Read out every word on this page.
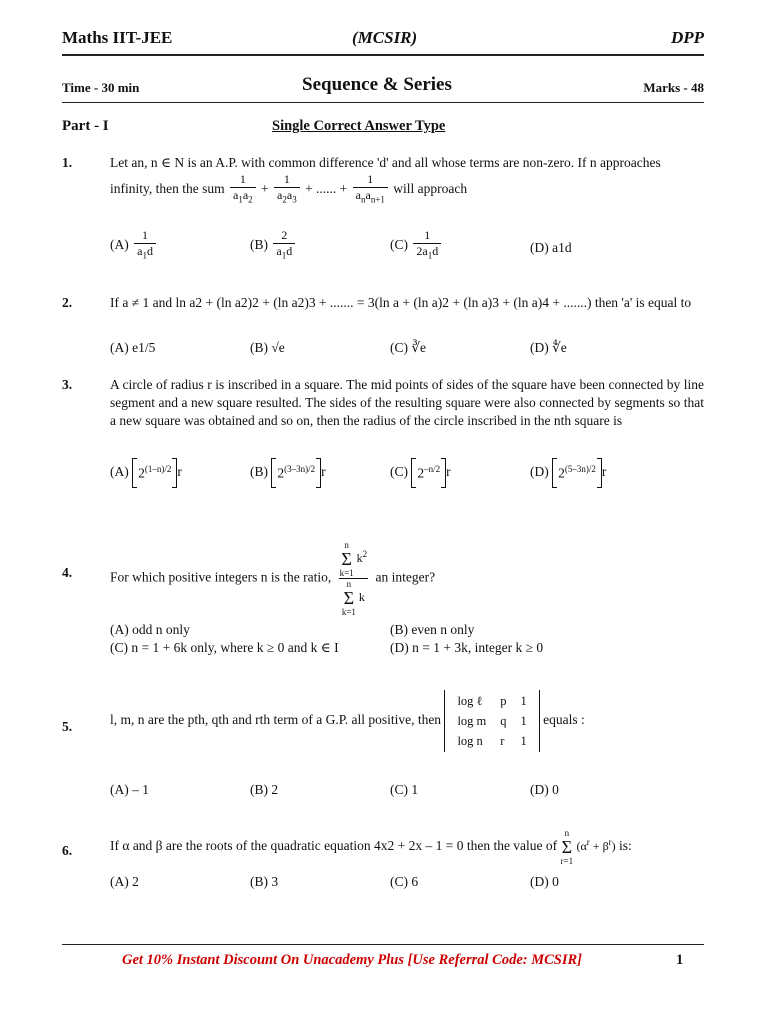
Maths IIT-JEE	(MCSIR)	DPP
Time - 30 min	Sequence & Series	Marks - 48
Part - I	Single Correct Answer Type
1.	Let an, n ∈ N is an A.P. with common difference 'd' and all whose terms are non-zero. If n approaches infinity, then the sum $\frac{1}{a_1a_2} + \frac{1}{a_2a_3}$ + ...... + $\frac{1}{a_na_{n+1}}$ will approach
$(A) \frac{1}{a_1d}$	$(B) \frac{2}{a_1d}$	$(C) \frac{1}{2a_1d}$	(D) a1d
2.	If a ≠ 1 and ln a2 + (ln a2)2 + (ln a2)3 + ....... = 3(ln a + (ln a)2 + (ln a)3 + (ln a)4 + .......) then 'a' is equal to
(A) e1/5	(B) √e	(C) ∛e	(D) ∜e
3.	A circle of radius r is inscribed in a square. The mid points of sides of the square have been connected by line segment and a new square resulted. The sides of the resulting square were also connected by segments so that a new square was obtained and so on, then the radius of the circle inscribed in the nth square is
(A) $2^{(1-n)/2}$ r	(B) $2^{(3-3n)/2}$ r	(C) $2^{-n/2}$ r	(D) $2^{(5-3n)/2}$ r
4.	For which positive integers n is the ratio, n
Σ
k=1
$k^2$
n
Σ
k=1
k an integer?
(A) odd n only	(B) even n only
(C) n = 1 + 6k only, where k ≥ 0 and k ∈ I	(D) n = 1 + 3k, integer k ≥ 0
5.	l, m, n are the pth, qth and rth term of a G.P. all positive, then
log ℓ	p	1
log m	q	1
log n	r	1
equals :
(A) – 1	(B) 2	(C) 1	(D) 0
6.	If α and β are the roots of the quadratic equation 4x2 + 2x – 1 = 0 then the value of
n
Σ
r=1
$(\alpha^r + \beta^r)$ is:
(A) 2	(B) 3	(C) 6	(D) 0
Get 10% Instant Discount On Unacademy Plus [Use Referral Code: MCSIR]	1
